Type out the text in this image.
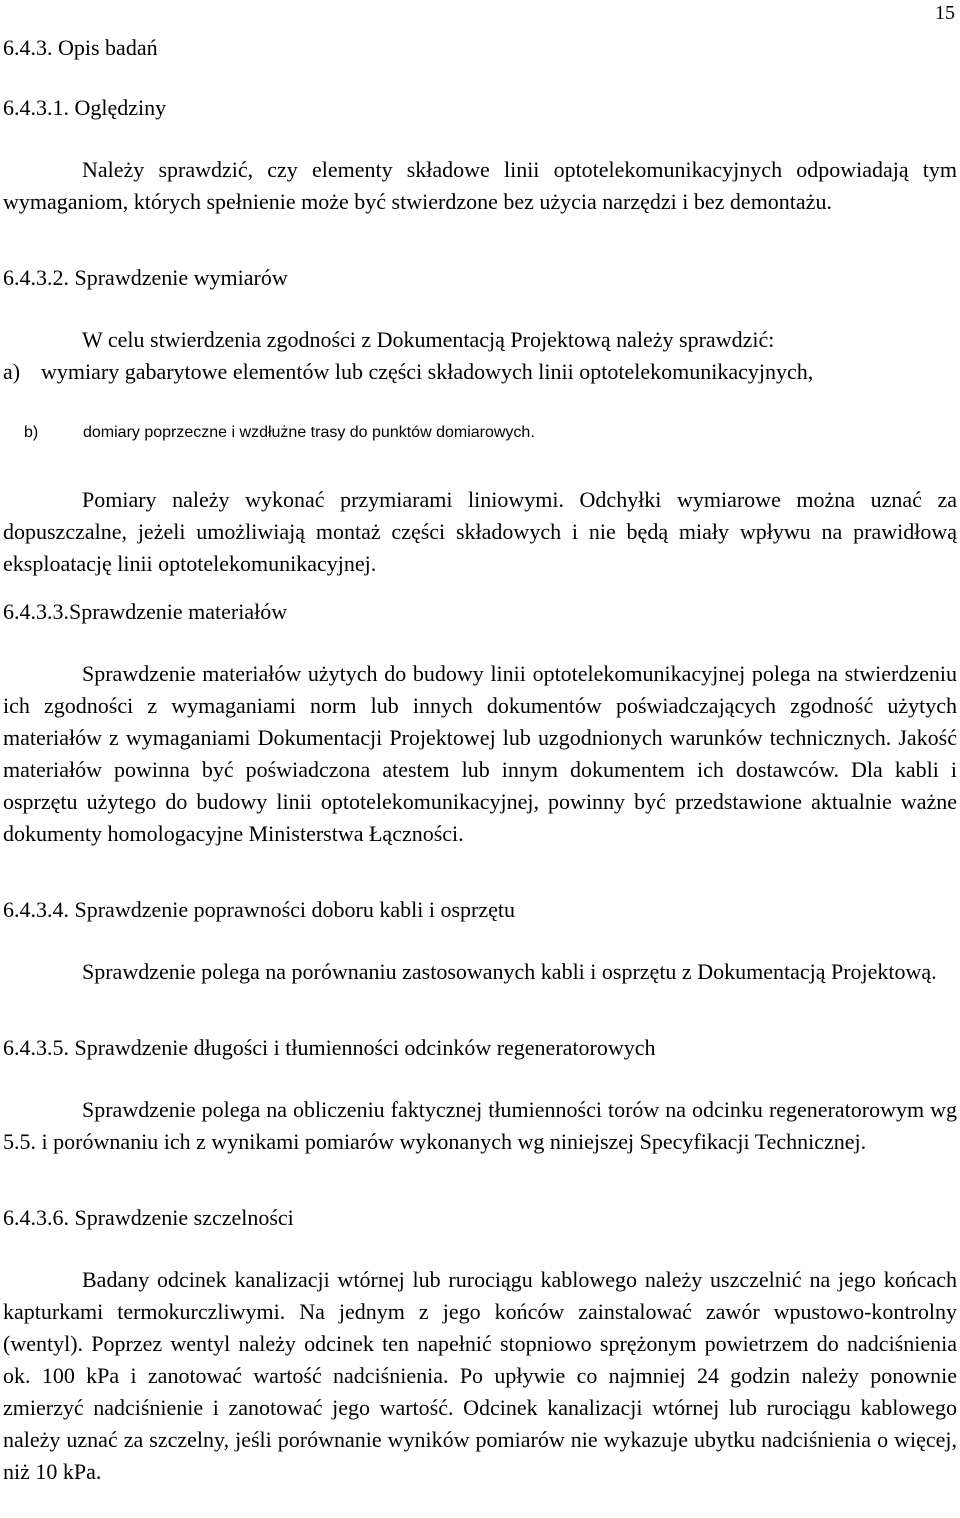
15
6.4.3. Opis badań
6.4.3.1. Oględziny
Należy sprawdzić, czy elementy składowe linii optotelekomunikacyjnych odpowiadają tym wymaganiom, których spełnienie może być stwierdzone bez użycia narzędzi i bez demontażu.
6.4.3.2. Sprawdzenie wymiarów
W celu stwierdzenia zgodności z Dokumentacją Projektową należy sprawdzić:
a) wymiary gabarytowe elementów lub części składowych linii optotelekomunikacyjnych,
b)	domiary poprzeczne i wzdłużne trasy do punktów domiarowych.
Pomiary należy wykonać przymiarami liniowymi. Odchyłki wymiarowe można uznać za dopuszczalne, jeżeli umożliwiają montaż części składowych i nie będą miały wpływu na prawidłową eksploatację linii optotelekomunikacyjnej.
6.4.3.3.Sprawdzenie materiałów
Sprawdzenie materiałów użytych do budowy linii optotelekomunikacyjnej polega na stwierdzeniu ich zgodności z wymaganiami norm lub innych dokumentów poświadczających zgodność użytych materiałów z wymaganiami Dokumentacji Projektowej lub uzgodnionych warunków technicznych. Jakość materiałów powinna być poświadczona atestem lub innym dokumentem ich dostawców. Dla kabli i osprzętu użytego do budowy linii optotelekomunikacyjnej, powinny być przedstawione aktualnie ważne dokumenty homologacyjne Ministerstwa Łączności.
6.4.3.4. Sprawdzenie poprawności doboru kabli i osprzętu
Sprawdzenie polega na porównaniu zastosowanych kabli i osprzętu z Dokumentacją Projektową.
6.4.3.5. Sprawdzenie długości i tłumienności odcinków regeneratorowych
Sprawdzenie polega na obliczeniu faktycznej tłumienności torów na odcinku regeneratorowym wg 5.5. i porównaniu ich z wynikami pomiarów wykonanych wg niniejszej Specyfikacji Technicznej.
6.4.3.6. Sprawdzenie szczelności
Badany odcinek kanalizacji wtórnej lub rurociągu kablowego należy uszczelnić na jego końcach kapturkami termokurczliwymi. Na jednym z jego końców zainstalować zawór wpustowo-kontrolny (wentyl). Poprzez wentyl należy odcinek ten napełnić stopniowo sprężonym powietrzem do nadciśnienia ok. 100 kPa i zanotować wartość nadciśnienia. Po upływie co najmniej 24 godzin należy ponownie zmierzyć nadciśnienie i zanotować jego wartość. Odcinek kanalizacji wtórnej lub rurociągu kablowego należy uznać za szczelny, jeśli porównanie wyników pomiarów nie wykazuje ubytku nadciśnienia o więcej, niż 10 kPa.
